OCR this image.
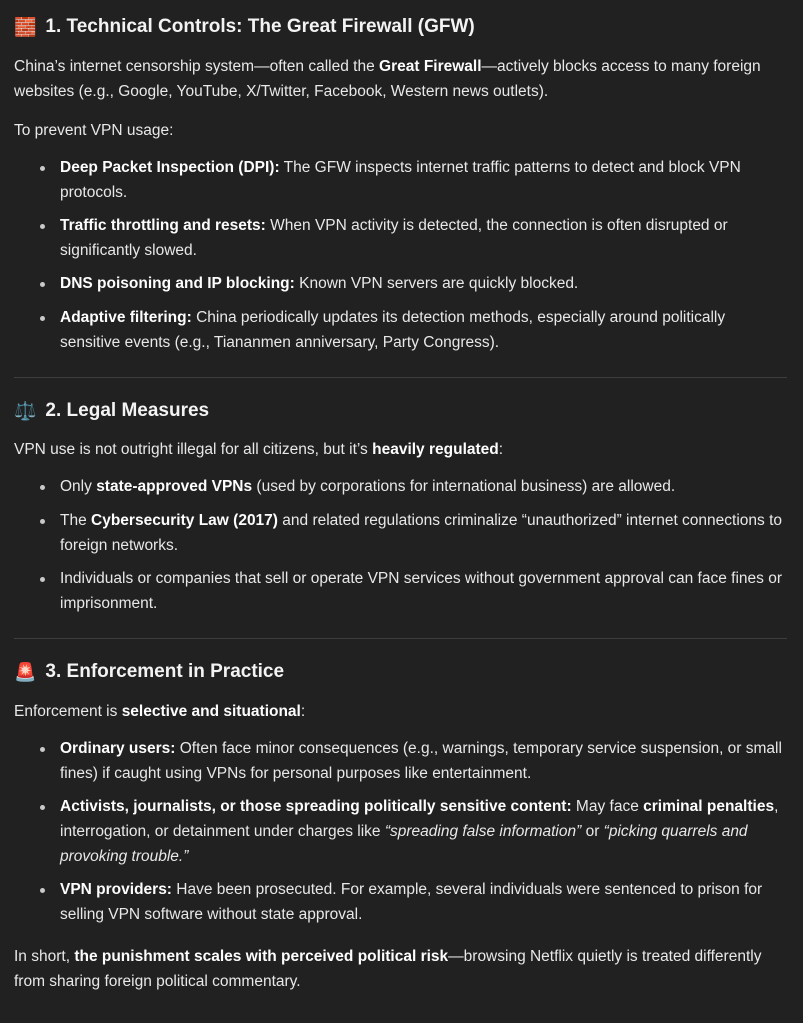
🧱 1. Technical Controls: The Great Firewall (GFW)

China’s internet censorship system—often called the Great Firewall—actively blocks access to many foreign websites (e.g., Google, YouTube, X/Twitter, Facebook, Western news outlets).

To prevent VPN usage:

Deep Packet Inspection (DPI): The GFW inspects internet traffic patterns to detect and block VPN protocols.
Traffic throttling and resets: When VPN activity is detected, the connection is often disrupted or significantly slowed.
DNS poisoning and IP blocking: Known VPN servers are quickly blocked.
Adaptive filtering: China periodically updates its detection methods, especially around politically sensitive events (e.g., Tiananmen anniversary, Party Congress).
⚖️ 2. Legal Measures

VPN use is not outright illegal for all citizens, but it’s heavily regulated:

Only state-approved VPNs (used by corporations for international business) are allowed.
The Cybersecurity Law (2017) and related regulations criminalize “unauthorized” internet connections to foreign networks.
Individuals or companies that sell or operate VPN services without government approval can face fines or imprisonment.
🚨 3. Enforcement in Practice

Enforcement is selective and situational:

Ordinary users: Often face minor consequences (e.g., warnings, temporary service suspension, or small fines) if caught using VPNs for personal purposes like entertainment.
Activists, journalists, or those spreading politically sensitive content: May face criminal penalties, interrogation, or detainment under charges like “spreading false information” or “picking quarrels and provoking trouble.”
VPN providers: Have been prosecuted. For example, several individuals were sentenced to prison for selling VPN software without state approval.

In short, the punishment scales with perceived political risk—browsing Netflix quietly is treated differently from sharing foreign political commentary.
